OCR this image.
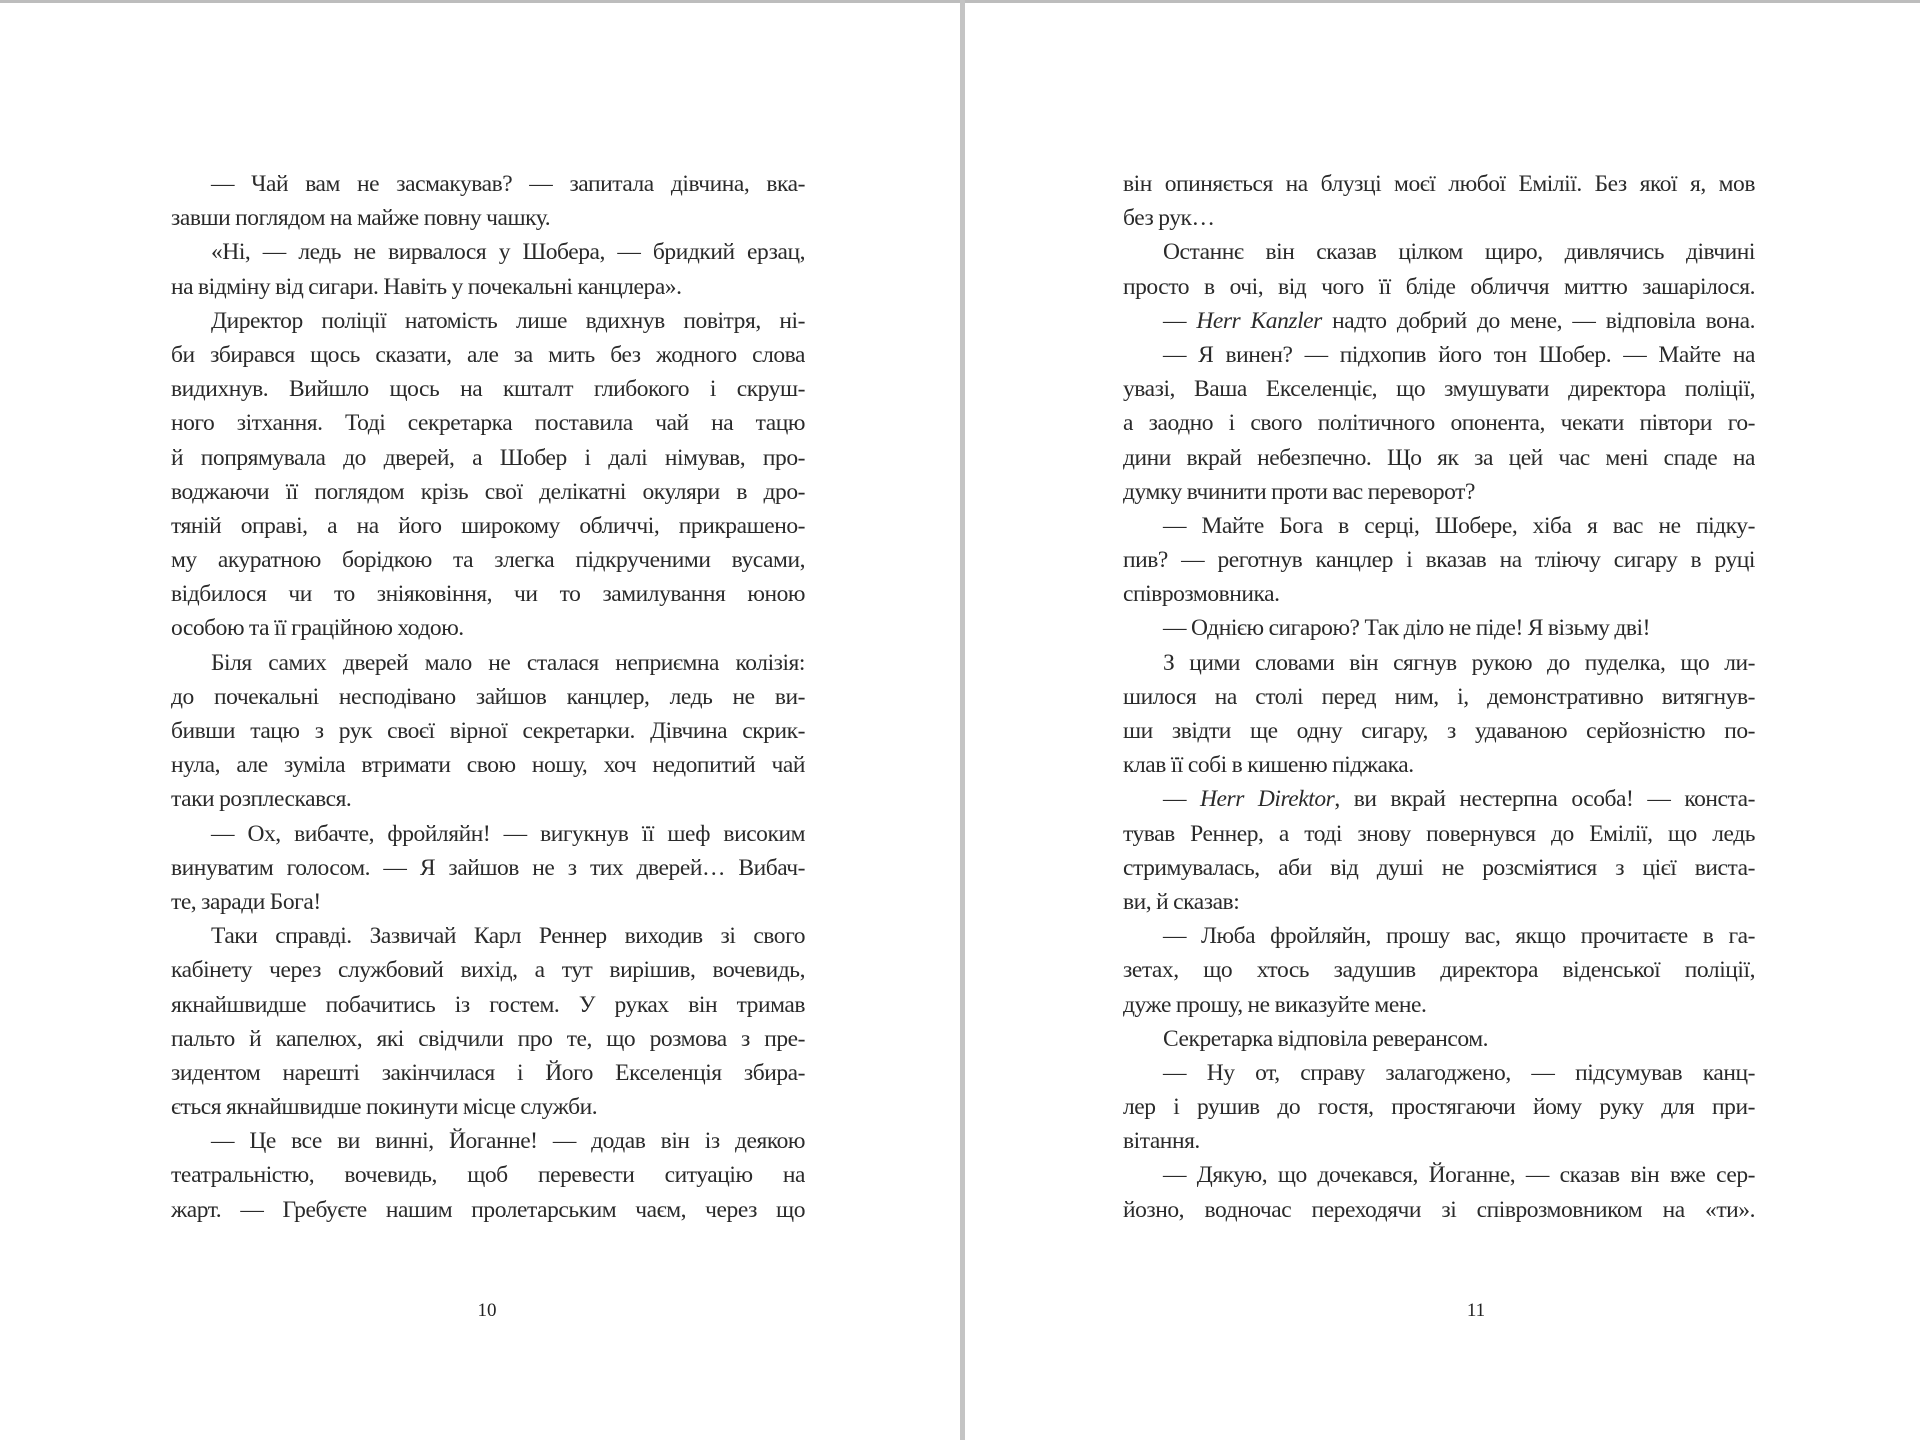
— Чай вам не засмакував? — запитала дівчина, вка-
завши поглядом на майже повну чашку.
«Ні, — ледь не вирвалося у Шобера, — бридкий ерзац,
на відміну від сигари. Навіть у почекальні канцлера».
Директор поліції натомість лише вдихнув повітря, ні-
би збирався щось сказати, але за мить без жодного слова
видихнув. Вийшло щось на кшталт глибокого і скруш-
ного зітхання. Тоді секретарка поставила чай на тацю
й попрямувала до дверей, а Шобер і далі німував, про-
воджаючи її поглядом крізь свої делікатні окуляри в дро-
тяній оправі, а на його широкому обличчі, прикрашено-
му акуратною борідкою та злегка підкрученими вусами,
відбилося чи то зніяковіння, чи то замилування юною
особою та її граційною ходою.
Біля самих дверей мало не сталася неприємна колізія:
до почекальні несподівано зайшов канцлер, ледь не ви-
бивши тацю з рук своєї вірної секретарки. Дівчина скрик-
нула, але зуміла втримати свою ношу, хоч недопитий чай
таки розплескався.
— Ох, вибачте, фройляйн! — вигукнув її шеф високим
винуватим голосом. — Я зайшов не з тих дверей… Вибач-
те, заради Бога!
Таки справді. Зазвичай Карл Реннер виходив зі свого
кабінету через службовий вихід, а тут вирішив, вочевидь,
якнайшвидше побачитись із гостем. У руках він тримав
пальто й капелюх, які свідчили про те, що розмова з пре-
зидентом нарешті закінчилася і Його Екселенція збира-
ється якнайшвидше покинути місце служби.
— Це все ви винні, Йоганне! — додав він із деякою
театральністю, вочевидь, щоб перевести ситуацію на
жарт. — Гребуєте нашим пролетарським чаєм, через що
10
він опиняється на блузці моєї любої Емілії. Без якої я, мов
без рук…
Останнє він сказав цілком щиро, дивлячись дівчині
просто в очі, від чого її бліде обличчя миттю зашарілося.
— Herr Kanzler надто добрий до мене, — відповіла вона.
— Я винен? — підхопив його тон Шобер. — Майте на
увазі, Ваша Екселенціє, що змушувати директора поліції,
а заодно і свого політичного опонента, чекати півтори го-
дини вкрай небезпечно. Що як за цей час мені спаде на
думку вчинити проти вас переворот?
— Майте Бога в серці, Шобере, хіба я вас не підку-
пив? — реготнув канцлер і вказав на тліючу сигару в руці
співрозмовника.
— Однією сигарою? Так діло не піде! Я візьму дві!
З цими словами він сягнув рукою до пуделка, що ли-
шилося на столі перед ним, і, демонстративно витягнув-
ши звідти ще одну сигару, з удаваною серйозністю по-
клав її собі в кишеню піджака.
— Herr Direktor, ви вкрай нестерпна особа! — конста-
тував Реннер, а тоді знову повернувся до Емілії, що ледь
стримувалась, аби від душі не розсміятися з цієї виста-
ви, й сказав:
— Люба фройляйн, прошу вас, якщо прочитаєте в га-
зетах, що хтось задушив директора віденської поліції,
дуже прошу, не виказуйте мене.
Секретарка відповіла реверансом.
— Ну от, справу залагоджено, — підсумував канц-
лер і рушив до гостя, простягаючи йому руку для при-
вітання.
— Дякую, що дочекався, Йоганне, — сказав він вже сер-
йозно, водночас переходячи зі співрозмовником на «ти».
11
